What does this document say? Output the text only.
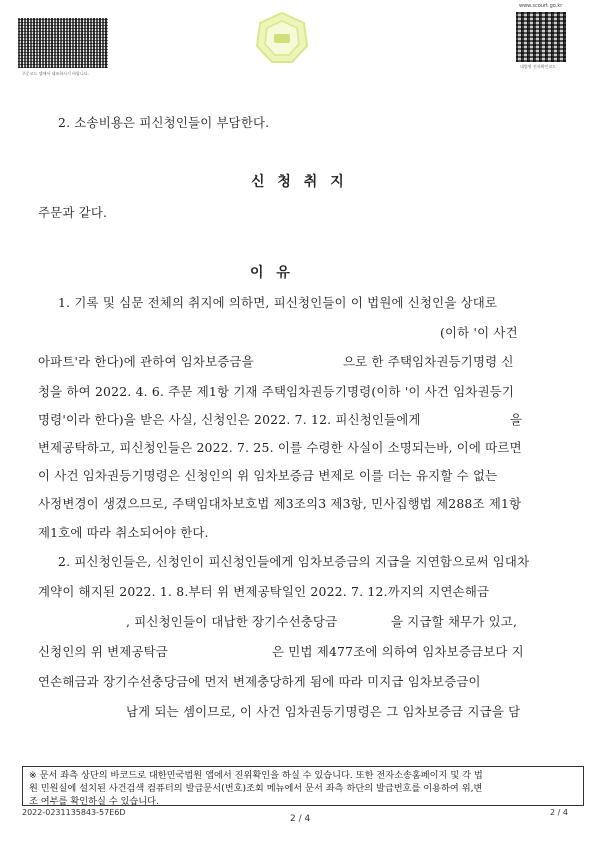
주문코드 앱에서 대조하시기 바랍니다.
www.scourt.go.kr
대법원 전자확인코드
2. 소송비용은 피신청인들이 부담한다.
신 청 취 지
주문과 같다.
이 유
1. 기록 및 심문 전체의 취지에 의하면, 피신청인들이 이 법원에 신청인을 상대로
(이하 '이 사건
아파트'라 한다)에 관하여 임차보증금을	으로 한 주택임차권등기명령 신
청을 하여 2022. 4. 6. 주문 제1항 기재 주택임차권등기명령(이하 '이 사건 임차권등기
명령'이라 한다)을 받은 사실, 신청인은 2022. 7. 12. 피신청인들에게	을
변제공탁하고, 피신청인들은 2022. 7. 25. 이를 수령한 사실이 소명되는바, 이에 따르면
이 사건 임차권등기명령은 신청인의 위 임차보증금 변제로 이를 더는 유지할 수 없는
사정변경이 생겼으므로, 주택임대차보호법 제3조의3 제3항, 민사집행법 제288조 제1항
제1호에 따라 취소되어야 한다.
2. 피신청인들은, 신청인이 피신청인들에게 임차보증금의 지급을 지연함으로써 임대차
계약이 해지된 2022. 1. 8.부터 위 변제공탁일인 2022. 7. 12.까지의 지연손해금
, 피신청인들이 대납한 장기수선충당금	을 지급할 채무가 있고,
신청인의 위 변제공탁금	은 민법 제477조에 의하여 임차보증금보다 지
연손해금과 장기수선충당금에 먼저 변제충당하게 됨에 따라 미지급 임차보증금이
남게 되는 셈이므로, 이 사건 임차권등기명령은 그 임차보증금 지급을 담
※ 문서 좌측 상단의 바코드로 대한민국법원 앱에서 진위확인을 하실 수 있습니다. 또한 전자소송홈페이지 및 각 법
원 민원실에 설치된 사건검색 컴퓨터의 발급문서(번호)조회 메뉴에서 문서 좌측 하단의 발급번호를 이용하여 위,변
조 여부를 확인하실 수 있습니다.
2022-0231135843-57E6D	2 / 4
2 / 4
